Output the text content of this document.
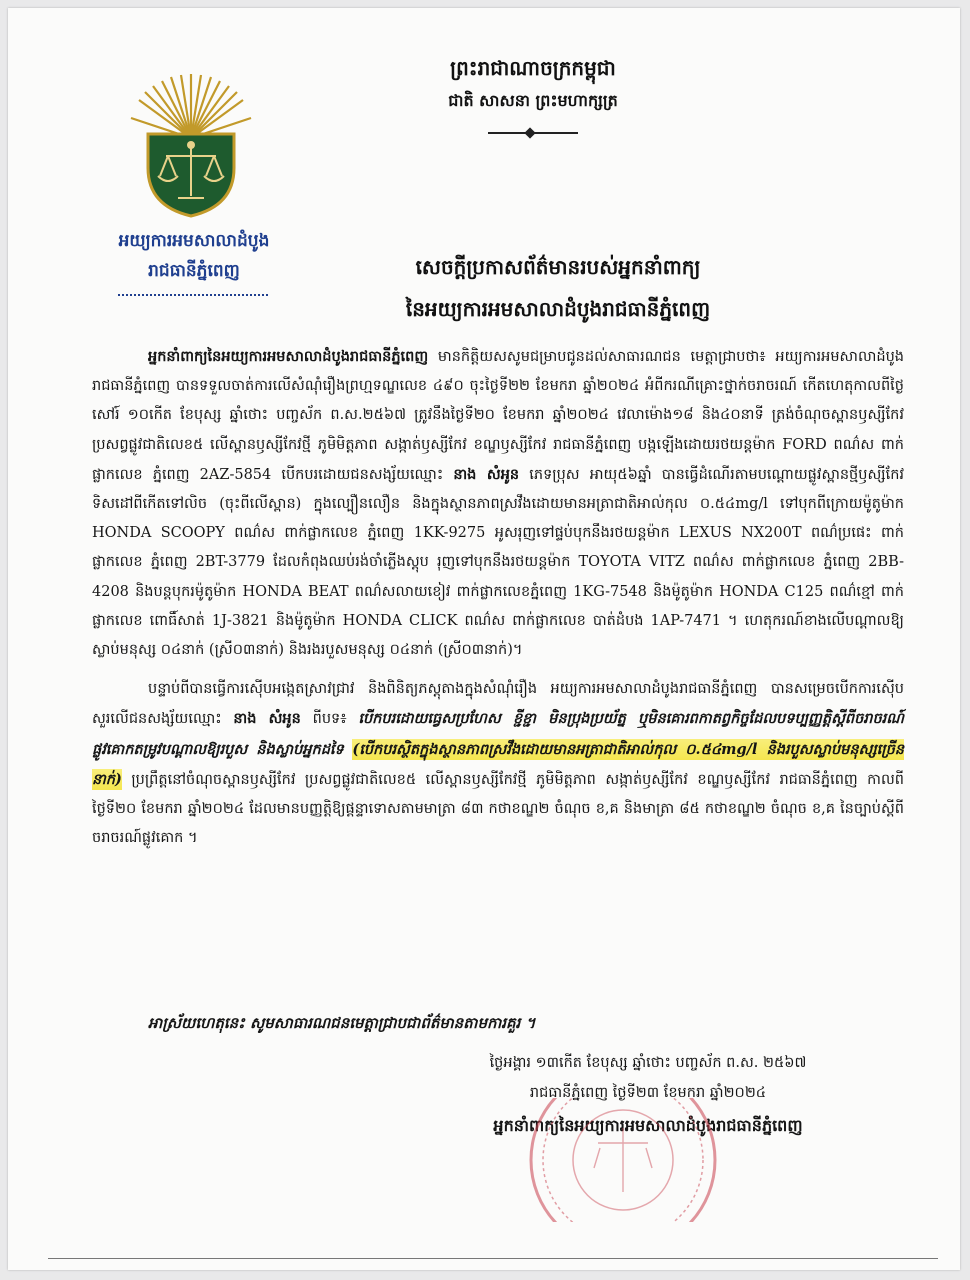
អយ្យការអមសាលាដំបូង
រាជធានីភ្នំពេញ
ព្រះរាជាណាចក្រកម្ពុជា
ជាតិ សាសនា ព្រះមហាក្សត្រ
សេចក្តីប្រកាសព័ត៌មានរបស់អ្នកនាំពាក្យ
នៃអយ្យការអមសាលាដំបូងរាជធានីភ្នំពេញ

អ្នកនាំពាក្យនៃអយ្យការអមសាលាដំបូងរាជធានីភ្នំពេញ មានកិត្តិយសសូមជម្រាបជូនដល់សាធារណជន មេត្តាជ្រាបថា៖ អយ្យការអមសាលាដំបូងរាជធានីភ្នំពេញ បានទទួលចាត់ការលើសំណុំរឿងព្រហ្មទណ្ឌលេខ ៤៩០ ចុះថ្ងៃទី២២ ខែមករា ឆ្នាំ២០២៤ អំពីករណីគ្រោះថ្នាក់ចរាចរណ៍ កើតហេតុកាលពីថ្ងៃសៅរ៍ ១០កើត ខែបុស្ស ឆ្នាំថោះ បញ្ចស័ក ព.ស.២៥៦៧ ត្រូវនឹងថ្ងៃទី២០ ខែមករា ឆ្នាំ២០២៤ វេលាម៉ោង១៨ និង៤០នាទី ត្រង់ចំណុចស្ពានឫស្សីកែវ ប្រសព្វផ្លូវជាតិលេខ៥ លើស្ពានឫស្សីកែវថ្មី ភូមិមិត្តភាព សង្កាត់ឫស្សីកែវ ខណ្ឌឫស្សីកែវ រាជធានីភ្នំពេញ បង្កឡើងដោយរថយន្តម៉ាក FORD ពណ៌ស ពាក់ផ្លាកលេខ ភ្នំពេញ 2AZ-5854 បើកបរដោយជនសង្ស័យឈ្មោះ នាង សំអូន ភេទប្រុស អាយុ៥៦ឆ្នាំ បានធ្វើដំណើរតាមបណ្តោយផ្លូវស្ពានថ្មីឫស្សីកែវ ទិសដៅពីកើតទៅលិច (ចុះពីលើស្ពាន) ក្នុងល្បឿនលឿន និងក្នុងស្ថានភាពស្រវឹងដោយមានអត្រាជាតិអាល់កុល ០.៥៤mg/l ទៅបុកពីក្រោយម៉ូតូម៉ាក HONDA SCOOPY ពណ៌ស ពាក់ផ្លាកលេខ ភ្នំពេញ 1KK-9275 អូសរុញទៅផ្ទប់បុកនឹងរថយន្តម៉ាក LEXUS NX200T ពណ៌ប្រផេះ ពាក់ផ្លាកលេខ ភ្នំពេញ 2BT-3779 ដែលកំពុងឈប់រង់ចាំភ្លើងស្តុប រុញទៅបុកនឹងរថយន្តម៉ាក TOYOTA VITZ ពណ៌ស ពាក់ផ្លាកលេខ ភ្នំពេញ 2BB-4208 និងបន្តបុករម៉ូតូម៉ាក HONDA BEAT ពណ៌សលាយខៀវ ពាក់ផ្លាកលេខភ្នំពេញ 1KG-7548 និងម៉ូតូម៉ាក HONDA C125 ពណ៌ខ្មៅ ពាក់ផ្លាកលេខ ពោធិ៍សាត់ 1J-3821 និងម៉ូតូម៉ាក HONDA CLICK ពណ៌ស ពាក់ផ្លាកលេខ បាត់ដំបង 1AP-7471 ។ ហេតុករណ៍ខាងលើបណ្តាលឱ្យស្លាប់មនុស្ស ០៤នាក់ (ស្រី០៣នាក់) និងរងរបួសមនុស្ស ០៤នាក់ (ស្រី០៣នាក់)។

បន្ទាប់ពីបានធ្វើការស៊ើបអង្កេតស្រាវជ្រាវ និងពិនិត្យភស្តុតាងក្នុងសំណុំរឿង អយ្យការអមសាលាដំបូងរាជធានីភ្នំពេញ បានសម្រេចបើកការស៊ើបសួរលើជនសង្ស័យឈ្មោះ នាង សំអូន ពីបទ៖ បើកបរដោយធ្វេសប្រហែស ខ្ជីខ្ជា មិនប្រុងប្រយ័ត្ន ឬមិនគោរពកាតព្វកិច្ចដែលបទប្បញ្ញត្តិស្តីពីចរាចរណ៍ផ្លូវគោកតម្រូវបណ្តាលឱ្យរបួស និងស្លាប់អ្នកដទៃ (បើកបរស្ថិតក្នុងស្ថានភាពស្រវឹងដោយមានអត្រាជាតិអាល់កុល ០.៥៤mg/l និងរបួសស្លាប់មនុស្សច្រើននាក់) ប្រព្រឹត្តនៅចំណុចស្ពានឫស្សីកែវ ប្រសព្វផ្លូវជាតិលេខ៥ លើស្ពានឫស្សីកែវថ្មី ភូមិមិត្តភាព សង្កាត់ឫស្សីកែវ ខណ្ឌឫស្សីកែវ រាជធានីភ្នំពេញ កាលពីថ្ងៃទី២០ ខែមករា ឆ្នាំ២០២៤ ដែលមានបញ្ញត្តិឱ្យផ្តន្ទាទោសតាមមាត្រា ៨៣ កថាខណ្ឌ២ ចំណុច ខ,គ និងមាត្រា ៨៥ កថាខណ្ឌ២ ចំណុច ខ,គ នៃច្បាប់ស្តីពីចរាចរណ៍ផ្លូវគោក ។

អាស្រ័យហេតុនេះ សូមសាធារណជនមេត្តាជ្រាបជាព័ត៌មានតាមការគួរ ។
ថ្ងៃអង្គារ ១៣កើត ខែបុស្ស ឆ្នាំថោះ បញ្ចស័ក ព.ស. ២៥៦៧
រាជធានីភ្នំពេញ ថ្ងៃទី២៣ ខែមករា ឆ្នាំ២០២៤
អ្នកនាំពាក្យនៃអយ្យការអមសាលាដំបូងរាជធានីភ្នំពេញ
